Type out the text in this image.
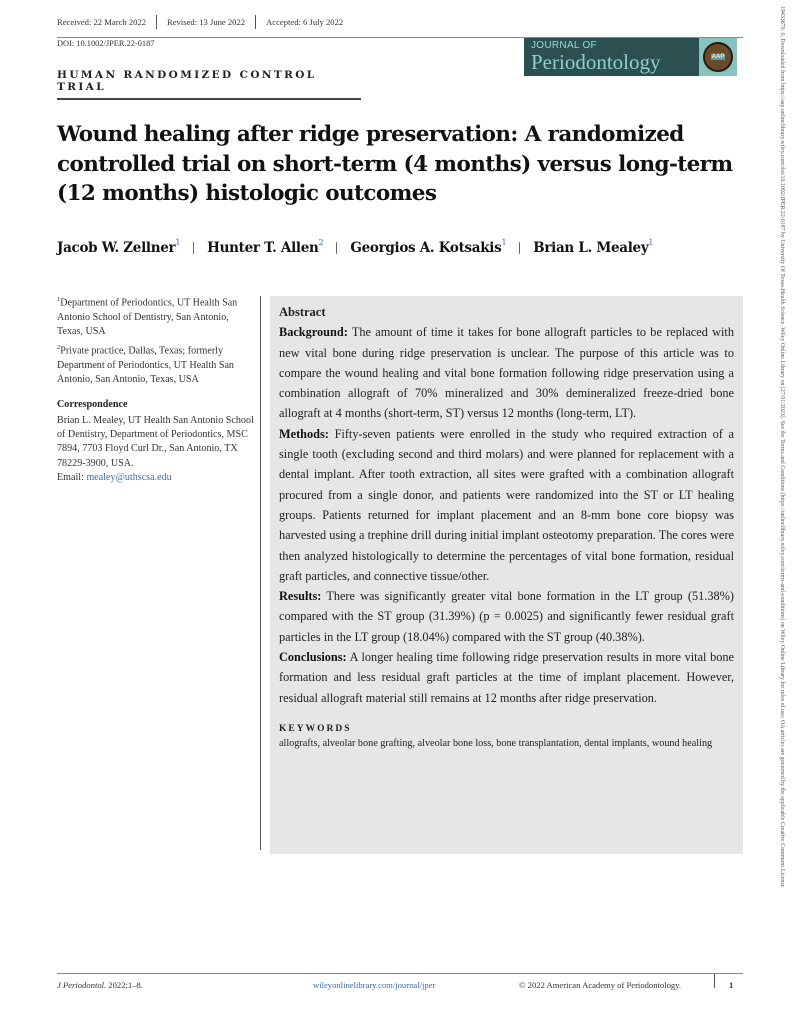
Received: 22 March 2022	Revised: 13 June 2022	Accepted: 6 July 2022
DOI: 10.1002/JPER.22-0187	JOURNAL OF
Periodontology	AAP
HUMAN RANDOMIZED CONTROL TRIAL
Wound healing after ridge preservation: A randomized controlled trial on short-term (4 months) versus long-term (12 months) histologic outcomes
Jacob W. Zellner$^1$ Hunter T. Allen$^2$ Georgios A. Kotsakis$^1$ Brian L. Mealey$^1$

$^1$Department of Periodontics, UT Health San Antonio School of Dentistry, San Antonio, Texas, USA

$^2$Private practice, Dallas, Texas; formerly Department of Periodontics, UT Health San Antonio, San Antonio, Texas, USA

Correspondence

Brian L. Mealey, UT Health San Antonio School of Dentistry, Department of Periodontics, MSC 7894, 7703 Floyd Curl Dr., San Antonio, TX 78229-3900, USA.
Email: mealey@uthscsa.edu

Abstract

Background: The amount of time it takes for bone allograft particles to be replaced with new vital bone during ridge preservation is unclear. The purpose of this article was to compare the wound healing and vital bone formation following ridge preservation using a combination allograft of 70% mineralized and 30% demineralized freeze-dried bone allograft at 4 months (short-term, ST) versus 12 months (long-term, LT).

Methods: Fifty-seven patients were enrolled in the study who required extraction of a single tooth (excluding second and third molars) and were planned for replacement with a dental implant. After tooth extraction, all sites were grafted with a combination allograft procured from a single donor, and patients were randomized into the ST or LT healing groups. Patients returned for implant placement and an 8-mm bone core biopsy was harvested using a trephine drill during initial implant osteotomy preparation. The cores were then analyzed histologically to determine the percentages of vital bone formation, residual graft particles, and connective tissue/other.

Results: There was significantly greater vital bone formation in the LT group (51.38%) compared with the ST group (31.39%) (p = 0.0025) and significantly fewer residual graft particles in the LT group (18.04%) compared with the ST group (40.38%).

Conclusions: A longer healing time following ridge preservation results in more vital bone formation and less residual graft particles at the time of implant placement. However, residual allograft material still remains at 12 months after ridge preservation.

KEYWORDS
allografts, alveolar bone grafting, alveolar bone loss, bone transplantation, dental implants, wound healing
J Periodontol. 2022;1–8.	wileyonlinelibrary.com/journal/jper	© 2022 American Academy of Periodontology.	1
19433670, 0, Downloaded from https://aap.onlinelibrary.wiley.com/doi/10.1002/JPER.22-0187 by University Of Texas-Health Science, Wiley Online Library on [27/01/2023]. See the Terms and Conditions (https://onlinelibrary.wiley.com/terms-and-conditions) on Wiley Online Library for rules of use; OA articles are governed by the applicable Creative Commons License
